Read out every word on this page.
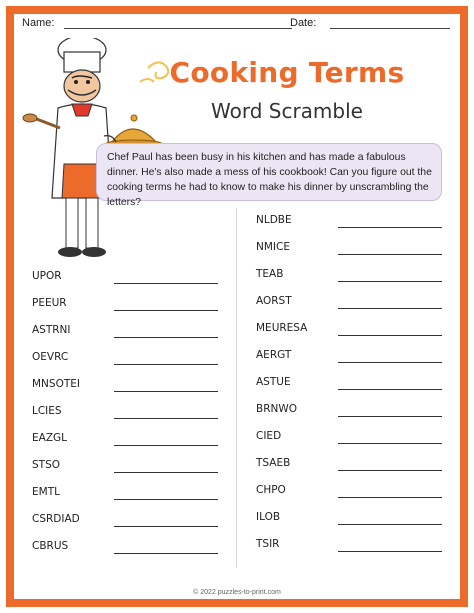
Name:	Date:
Cooking Terms
Word Scramble
Chef Paul has been busy in his kitchen and has made a fabulous dinner. He's also made a mess of his cookbook! Can you figure out the cooking terms he had to know to make his dinner by unscrambling the letters?
UPOR
PEEUR
ASTRNI
OEVRC
MNSOTEI
LCIES
EAZGL
STSO
EMTL
CSRDIAD
CBRUS
NLDBE
NMICE
TEAB
AORST
MEURESA
AERGT
ASTUE
BRNWO
CIED
TSAEB
CHPO
ILOB
TSIR
© 2022 puzzles-to-print.com
